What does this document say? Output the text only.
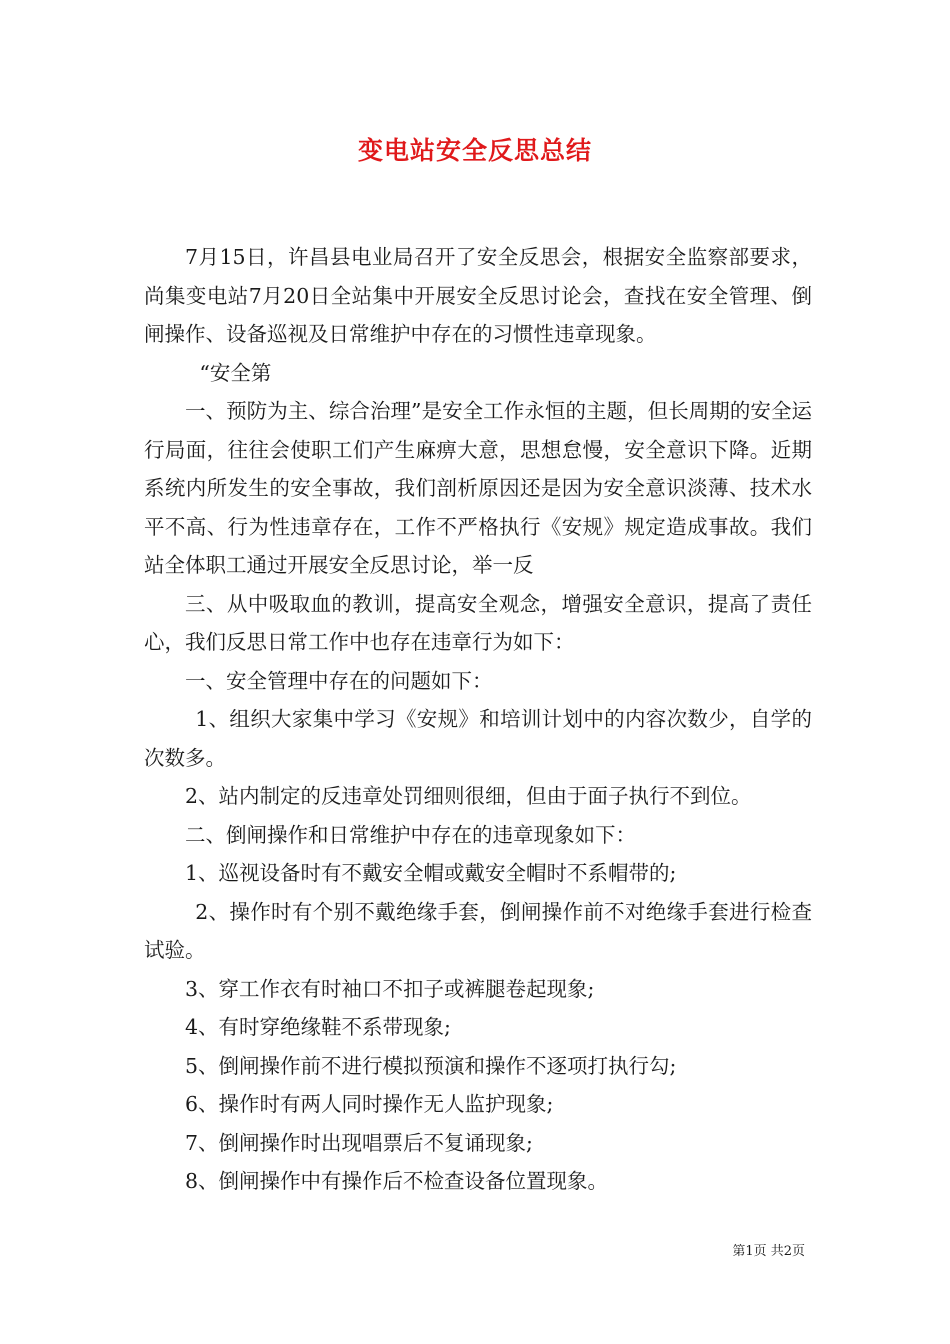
变电站安全反思总结

7月15日，许昌县电业局召开了安全反思会，根据安全监察部要求，尚集变电站7月20日全站集中开展安全反思讨论会，查找在安全管理、倒闸操作、设备巡视及日常维护中存在的习惯性违章现象。

“安全第

一、预防为主、综合治理”是安全工作永恒的主题，但长周期的安全运行局面，往往会使职工们产生麻痹大意，思想怠慢，安全意识下降。近期系统内所发生的安全事故，我们剖析原因还是因为安全意识淡薄、技术水平不高、行为性违章存在，工作不严格执行《安规》规定造成事故。我们站全体职工通过开展安全反思讨论，举一反

三、从中吸取血的教训，提高安全观念，增强安全意识，提高了责任心，我们反思日常工作中也存在违章行为如下：

一、安全管理中存在的问题如下：

1、组织大家集中学习《安规》和培训计划中的内容次数少，自学的次数多。

2、站内制定的反违章处罚细则很细，但由于面子执行不到位。

二、倒闸操作和日常维护中存在的违章现象如下：

1、巡视设备时有不戴安全帽或戴安全帽时不系帽带的;

2、操作时有个别不戴绝缘手套，倒闸操作前不对绝缘手套进行检查试验。

3、穿工作衣有时袖口不扣子或裤腿卷起现象;

4、有时穿绝缘鞋不系带现象;

5、倒闸操作前不进行模拟预演和操作不逐项打执行勾;

6、操作时有两人同时操作无人监护现象;

7、倒闸操作时出现唱票后不复诵现象;

8、倒闸操作中有操作后不检查设备位置现象。

第1页 共2页
